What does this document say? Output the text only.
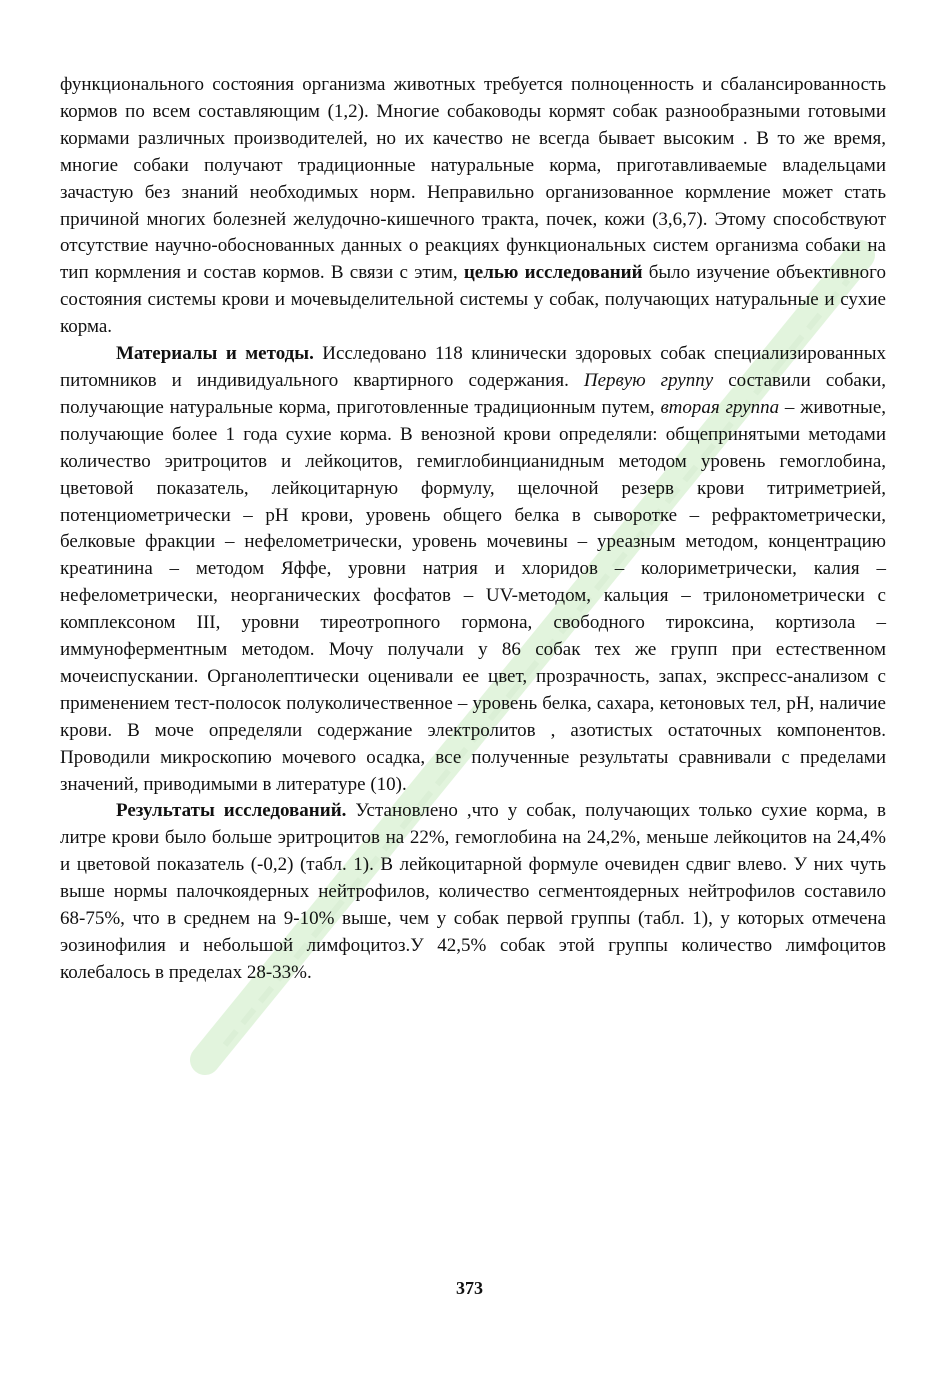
функционального состояния организма животных требуется полноценность и сбалансированность кормов по всем составляющим (1,2). Многие собаководы кормят собак разнообразными готовыми кормами различных производителей, но их качество не всегда бывает высоким . В то же время, многие собаки получают традиционные натуральные корма, приготавливаемые владельцами зачастую без знаний необходимых норм. Неправильно организованное кормление может стать причиной многих болезней желудочно-кишечного тракта, почек, кожи (3,6,7). Этому способствуют отсутствие научно-обоснованных данных о реакциях функциональных систем организма собаки на тип кормления и состав кормов. В связи с этим, целью исследований было изучение объективного состояния системы крови и мочевыделительной системы у собак, получающих натуральные и сухие корма.

Материалы и методы. Исследовано 118 клинически здоровых собак специализированных питомников и индивидуального квартирного содержания. Первую группу составили собаки, получающие натуральные корма, приготовленные традиционным путем, вторая группа – животные, получающие более 1 года сухие корма. В венозной крови определяли: общепринятыми методами количество эритроцитов и лейкоцитов, гемиглобинцианидным методом уровень гемоглобина, цветовой показатель, лейкоцитарную формулу, щелочной резерв крови титриметрией, потенциометрически – pH крови, уровень общего белка в сыворотке – рефрактометрически, белковые фракции – нефелометрически, уровень мочевины – уреазным методом, концентрацию креатинина – методом Яффе, уровни натрия и хлоридов – колориметрически, калия – нефелометрически, неорганических фосфатов – UV-методом, кальция – трилонометрически с комплексоном III, уровни тиреотропного гормона, свободного тироксина, кортизола – иммуноферментным методом. Мочу получали у 86 собак тех же групп при естественном мочеиспускании. Органолептически оценивали ее цвет, прозрачность, запах, экспресс-анализом с применением тест-полосок полуколичественное – уровень белка, сахара, кетоновых тел, pH, наличие крови. В моче определяли содержание электролитов , азотистых остаточных компонентов. Проводили микроскопию мочевого осадка, все полученные результаты сравнивали с пределами значений, приводимыми в литературе (10).

Результаты исследований. Установлено ,что у собак, получающих только сухие корма, в литре крови было больше эритроцитов на 22%, гемоглобина на 24,2%, меньше лейкоцитов на 24,4% и цветовой показатель (-0,2) (табл. 1). В лейкоцитарной формуле очевиден сдвиг влево. У них чуть выше нормы палочкоядерных нейтрофилов, количество сегментоядерных нейтрофилов составило 68-75%, что в среднем на 9-10% выше, чем у собак первой группы (табл. 1), у которых отмечена эозинофилия и небольшой лимфоцитоз.У 42,5% собак этой группы количество лимфоцитов колебалось в пределах 28-33%.

373
